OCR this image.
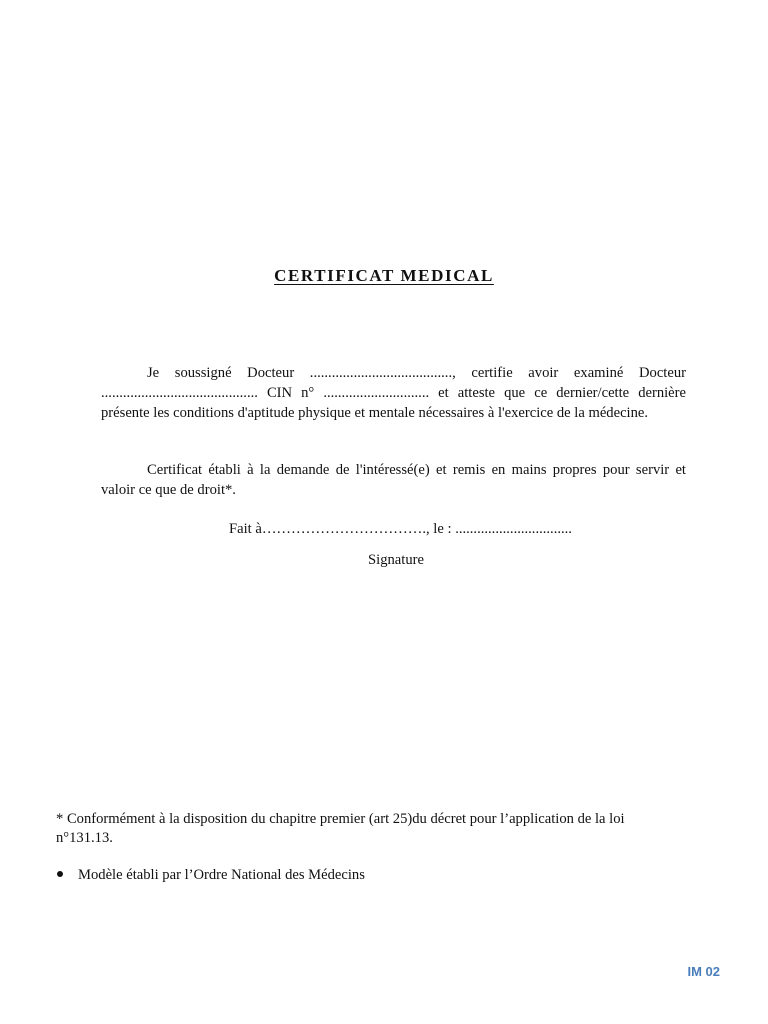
CERTIFICAT MEDICAL

Je soussigné Docteur ......................................., certifie avoir examiné Docteur ........................................... CIN n° ............................. et atteste que ce dernier/cette dernière présente les conditions d'aptitude physique et mentale nécessaires à l'exercice de la médecine.

Certificat établi à la demande de l'intéressé(e) et remis en mains propres pour servir et valoir ce que de droit*.

Fait à……………………………., le : ................................
Signature
* Conformément à la disposition du chapitre premier (art 25)du décret pour l’application de la loi n°131.13.
Modèle établi par l’Ordre National des Médecins
IM 02
